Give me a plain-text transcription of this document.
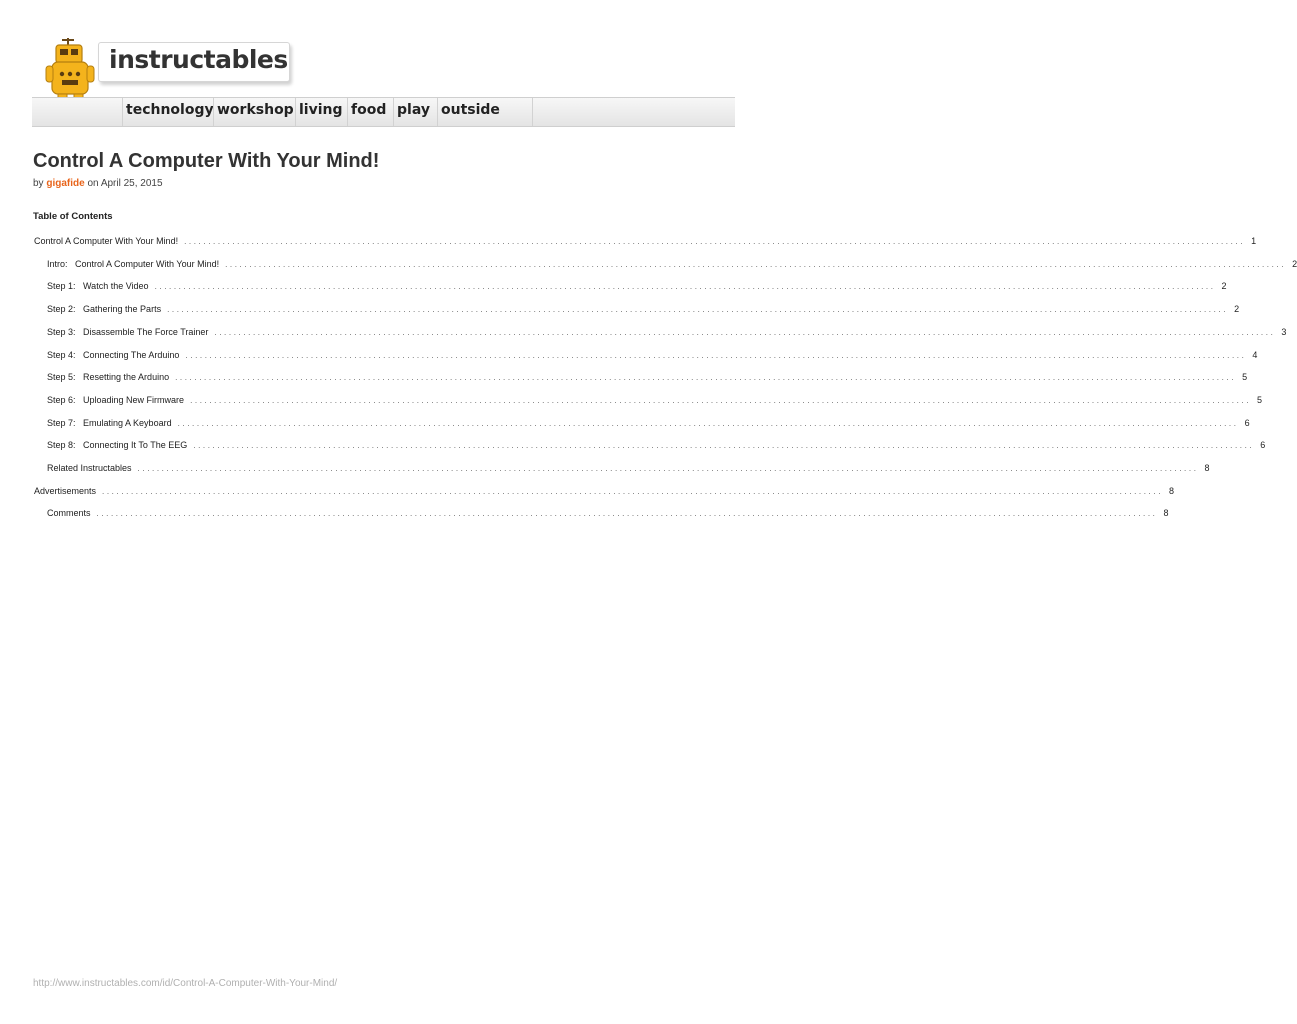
instructables
technology workshop living food play outside
Control A Computer With Your Mind!
by gigafide on April 25, 2015
Table of Contents
Control A Computer With Your Mind! ............................................................................................................................................................................................................................ 1
Intro:   Control A Computer With Your Mind! ............................................................................................................................................................................................................................ 2
Step 1:   Watch the Video ............................................................................................................................................................................................................................ 2
Step 2:   Gathering the Parts ............................................................................................................................................................................................................................ 2
Step 3:   Disassemble The Force Trainer ............................................................................................................................................................................................................................ 3
Step 4:   Connecting The Arduino ............................................................................................................................................................................................................................ 4
Step 5:   Resetting the Arduino ............................................................................................................................................................................................................................ 5
Step 6:   Uploading New Firmware ............................................................................................................................................................................................................................ 5
Step 7:   Emulating A Keyboard ............................................................................................................................................................................................................................ 6
Step 8:   Connecting It To The EEG ............................................................................................................................................................................................................................ 6
Related Instructables ............................................................................................................................................................................................................................ 8
Advertisements ............................................................................................................................................................................................................................ 8
Comments ............................................................................................................................................................................................................................ 8
http://www.instructables.com/id/Control-A-Computer-With-Your-Mind/
